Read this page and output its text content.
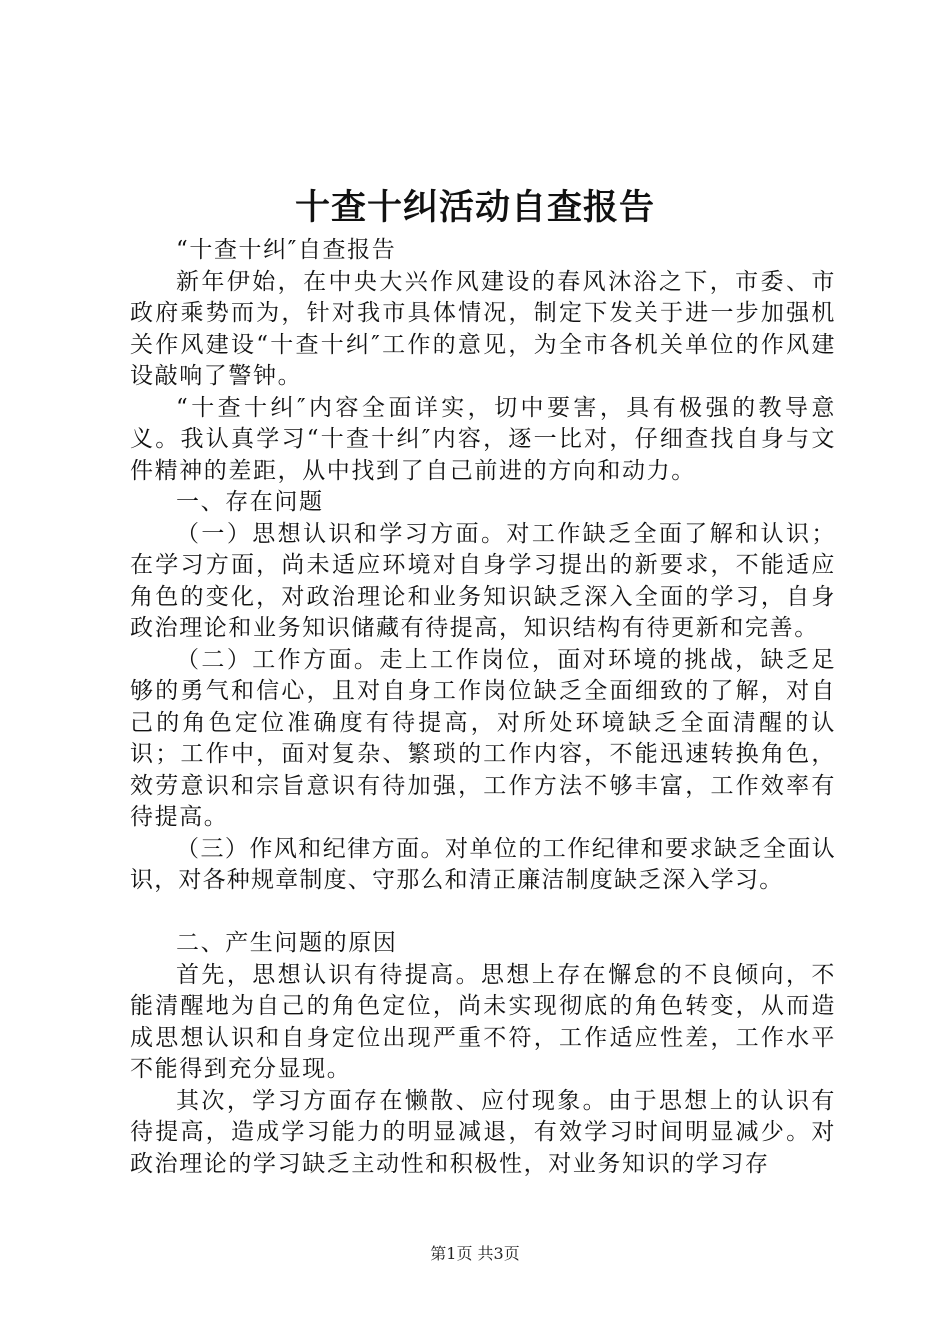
十查十纠活动自查报告

“十查十纠″自查报告

新年伊始，在中央大兴作风建设的春风沐浴之下，市委、市政府乘势而为，针对我市具体情况，制定下发关于进一步加强机关作风建设“十查十纠″工作的意见，为全市各机关单位的作风建设敲响了警钟。

“十查十纠″内容全面详实，切中要害，具有极强的教导意义。我认真学习“十查十纠″内容，逐一比对，仔细查找自身与文件精神的差距，从中找到了自己前进的方向和动力。

一、存在问题

（一）思想认识和学习方面。对工作缺乏全面了解和认识；在学习方面，尚未适应环境对自身学习提出的新要求，不能适应角色的变化，对政治理论和业务知识缺乏深入全面的学习，自身政治理论和业务知识储藏有待提高，知识结构有待更新和完善。

（二）工作方面。走上工作岗位，面对环境的挑战，缺乏足够的勇气和信心，且对自身工作岗位缺乏全面细致的了解，对自己的角色定位准确度有待提高，对所处环境缺乏全面清醒的认识；工作中，面对复杂、繁琐的工作内容，不能迅速转换角色，效劳意识和宗旨意识有待加强，工作方法不够丰富，工作效率有待提高。

（三）作风和纪律方面。对单位的工作纪律和要求缺乏全面认识，对各种规章制度、守那么和清正廉洁制度缺乏深入学习。

二、产生问题的原因

首先，思想认识有待提高。思想上存在懈怠的不良倾向，不能清醒地为自己的角色定位，尚未实现彻底的角色转变，从而造成思想认识和自身定位出现严重不符，工作适应性差，工作水平不能得到充分显现。

其次，学习方面存在懒散、应付现象。由于思想上的认识有待提高，造成学习能力的明显减退，有效学习时间明显减少。对政治理论的学习缺乏主动性和积极性，对业务知识的学习存

第1页 共3页
